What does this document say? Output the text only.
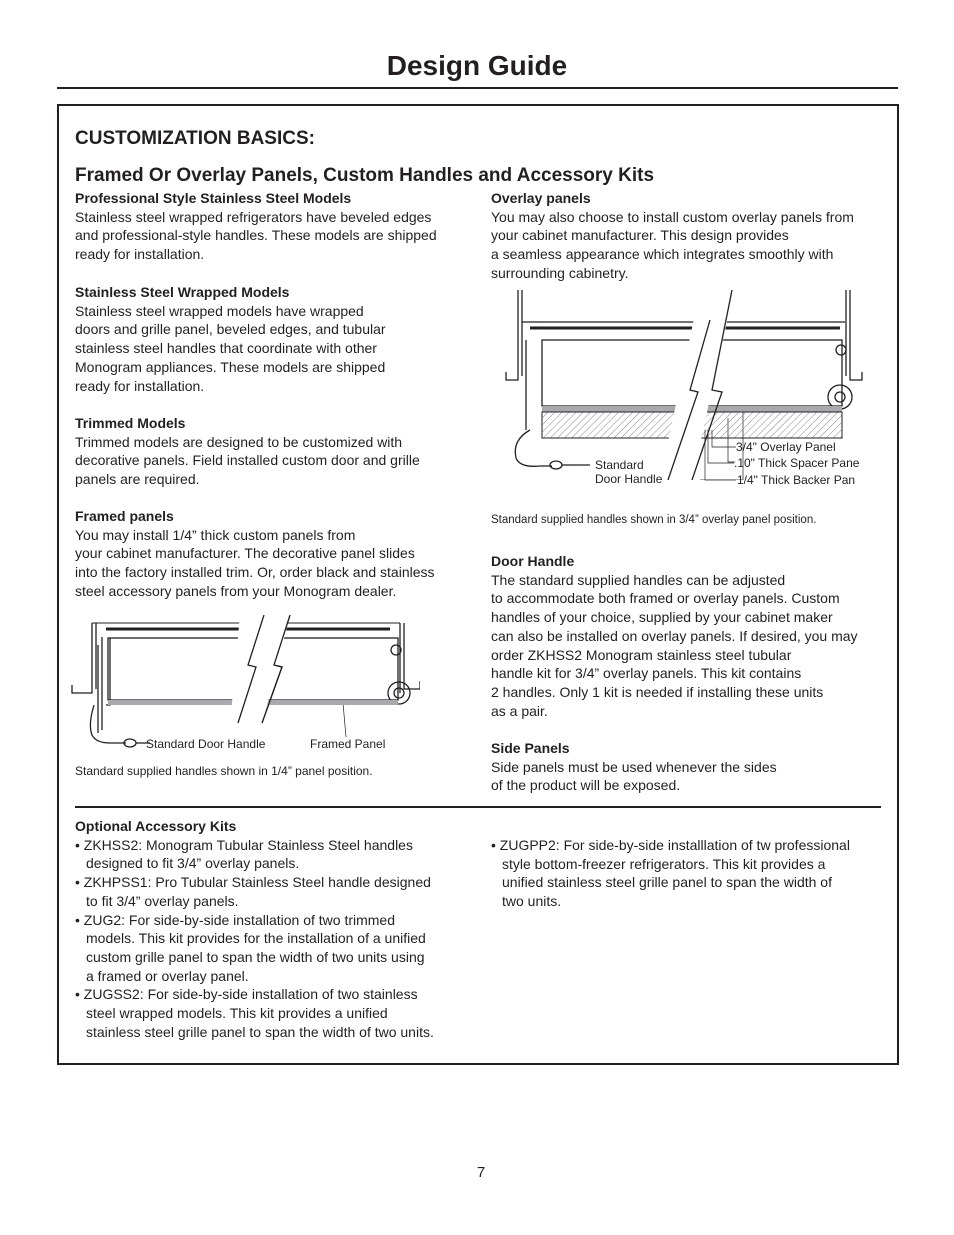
Design Guide
CUSTOMIZATION BASICS:
Framed Or Overlay Panels, Custom Handles and Accessory Kits
Professional Style Stainless Steel Models
Stainless steel wrapped refrigerators have beveled edges
and professional-style handles. These models are shipped
ready for installation.
Stainless Steel Wrapped Models
Stainless steel wrapped models have wrapped
doors and grille panel, beveled edges, and tubular
stainless steel handles that coordinate with other
Monogram appliances. These models are shipped
ready for installation.
Trimmed Models
Trimmed models are designed to be customized with
decorative panels. Field installed custom door and grille
panels are required.
Framed panels
You may install 1/4” thick custom panels from
your cabinet manufacturer. The decorative panel slides
into the factory installed trim. Or, order black and stainless
steel accessory panels from your Monogram dealer.
Overlay panels
You may also choose to install custom overlay panels from
your cabinet manufacturer. This design provides
a seamless appearance which integrates smoothly with
surrounding cabinetry.
Door Handle
The standard supplied handles can be adjusted
to accommodate both framed or overlay panels. Custom
handles of your choice, supplied by your cabinet maker
can also be installed on overlay panels. If desired, you may
order ZKHSS2 Monogram stainless steel tubular
handle kit for 3/4” overlay panels. This kit contains
2 handles. Only 1 kit is needed if installing these units
as a pair.
Side Panels
Side panels must be used whenever the sides
of the product will be exposed.
Standard Door Handle	Framed Panel
Standard supplied handles shown in 1/4” panel position.
Standard
Door Handle
3/4" Overlay Panel
.10" Thick Spacer Pane
1/4" Thick Backer Pan
Standard supplied handles shown in 3/4” overlay panel position.
Optional Accessory Kits
• ZKHSS2: Monogram Tubular Stainless Steel handles
designed to fit 3/4” overlay panels.
• ZKHPSS1: Pro Tubular Stainless Steel handle designed
to fit 3/4” overlay panels.
• ZUG2: For side-by-side installation of two trimmed
models. This kit provides for the installation of a unified
custom grille panel to span the width of two units using
a framed or overlay panel.
• ZUGSS2: For side-by-side installation of two stainless
steel wrapped models. This kit provides a unified
stainless steel grille panel to span the width of two units.
• ZUGPP2: For side-by-side installlation of tw professional
style bottom-freezer refrigerators. This kit provides a
unified stainless steel grille panel to span the width of
two units.
7
